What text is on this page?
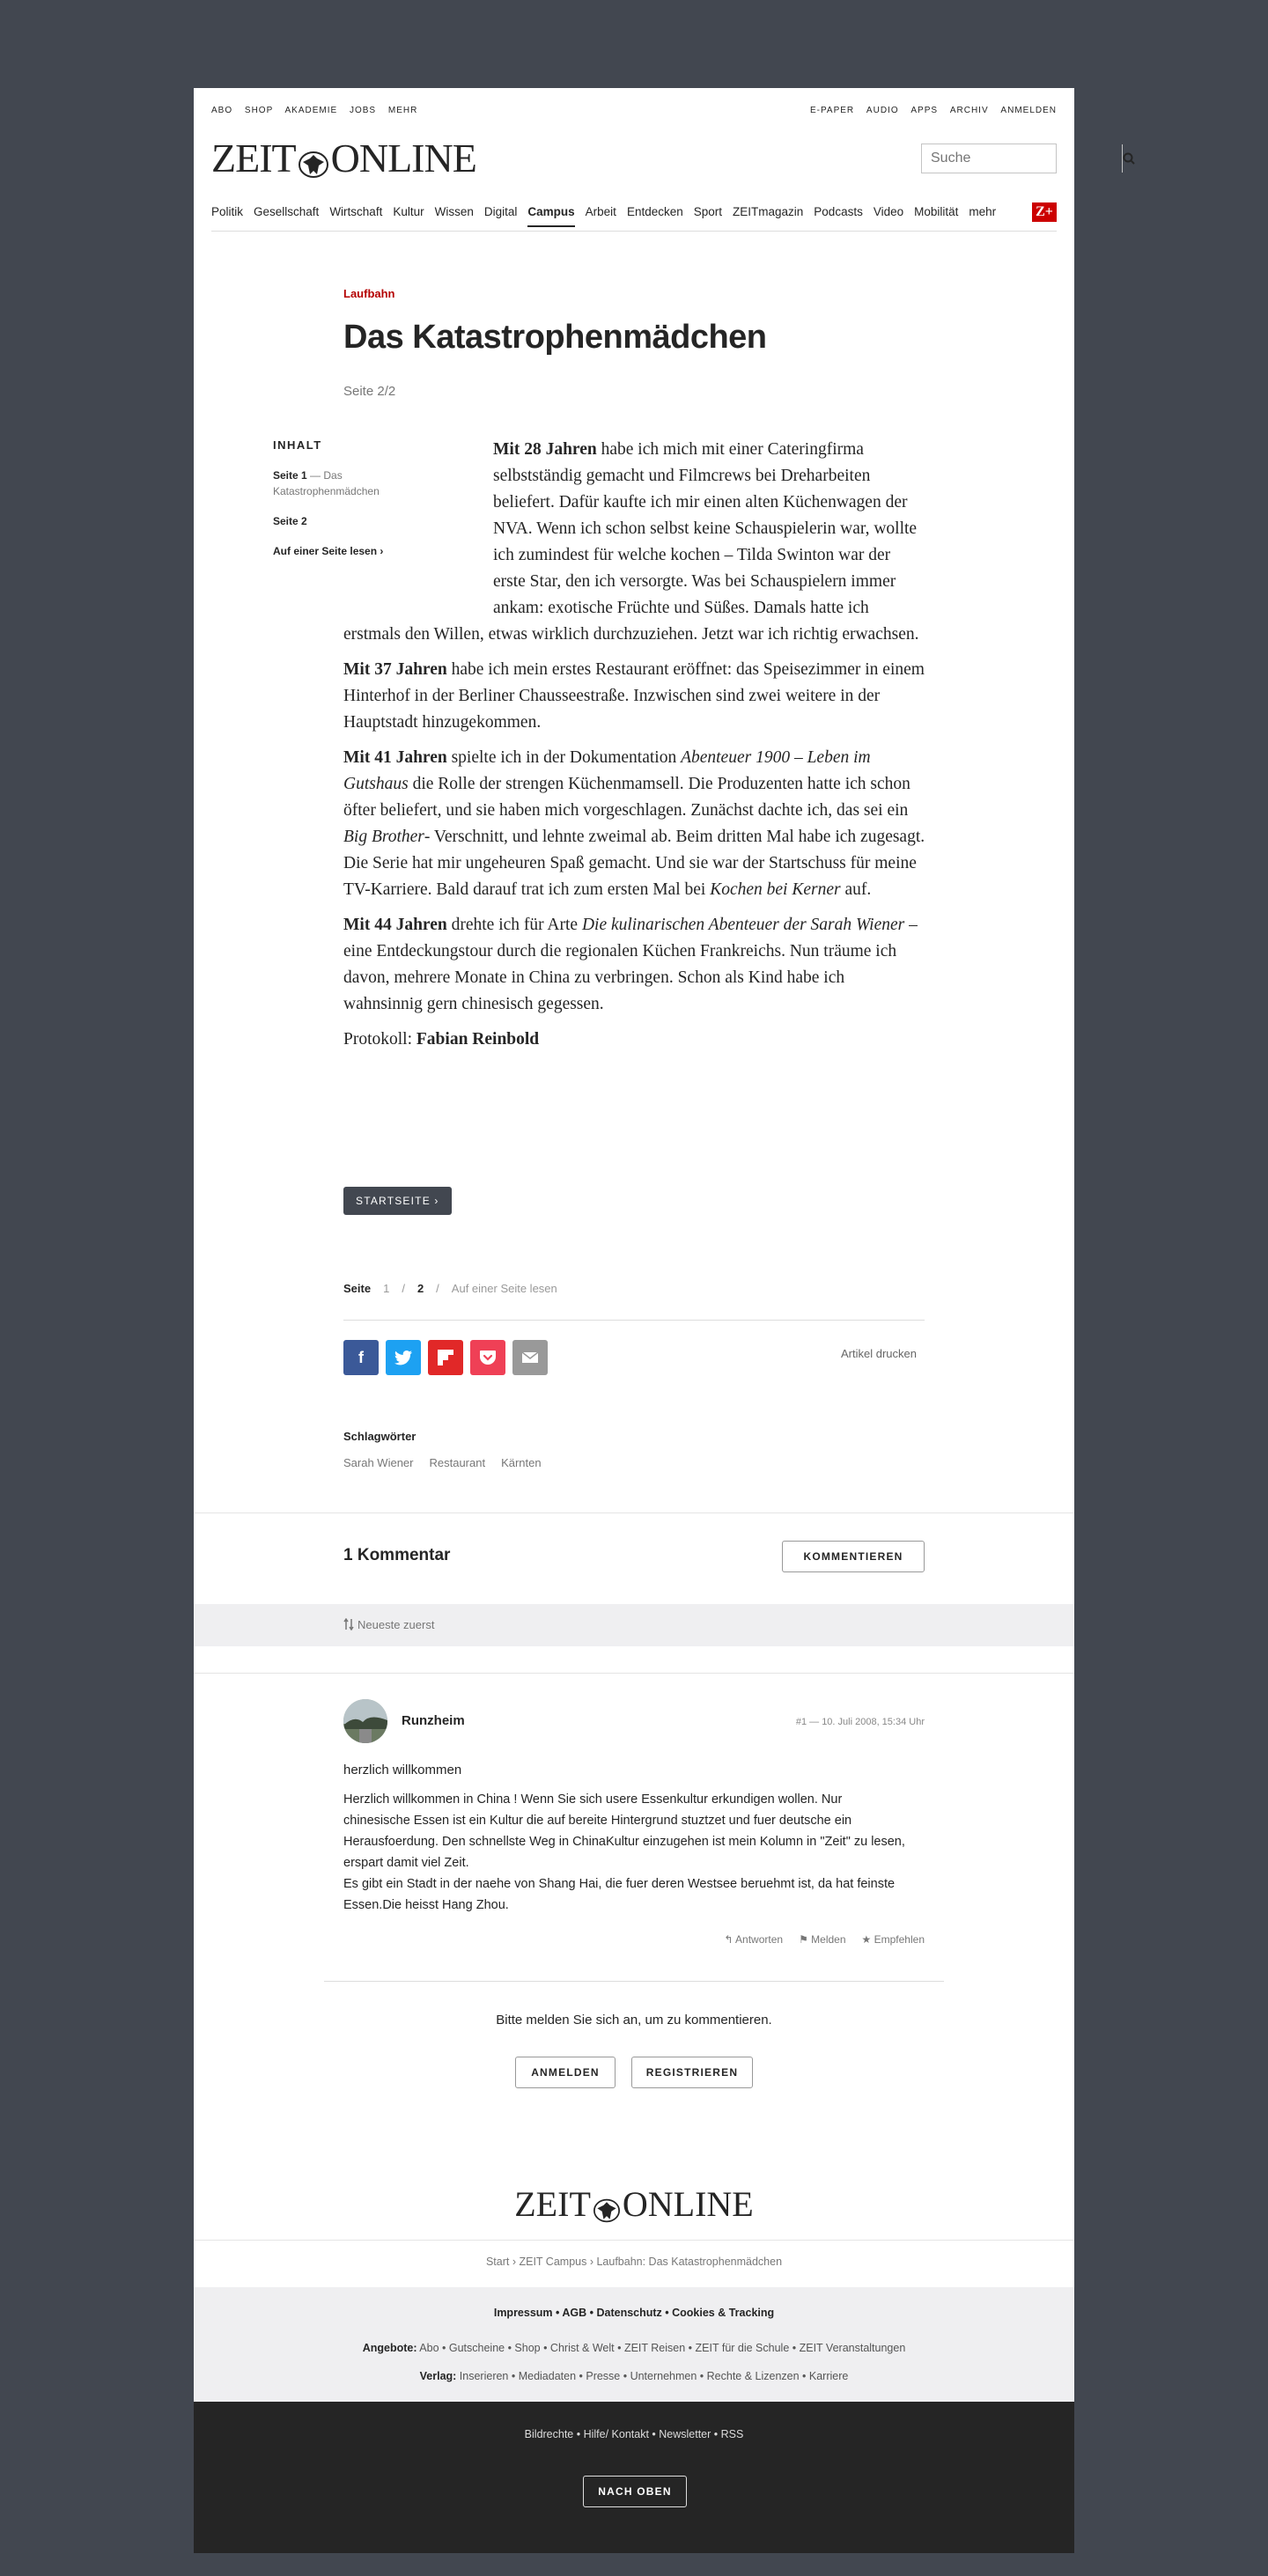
ABO SHOP AKADEMIE JOBS MEHR	E-PAPER AUDIO APPS ARCHIV ANMELDEN
ZEIT ONLINE
Suche
Politik Gesellschaft Wirtschaft Kultur Wissen Digital Campus Arbeit Entdecken Sport ZEITmagazin Podcasts Video Mobilität mehr	Z+
Laufbahn
Das Katastrophenmädchen
Seite 2/2
INHALT
Seite 1 — Das Katastrophenmädchen
Seite 2
Auf einer Seite lesen ›

Mit 28 Jahren habe ich mich mit einer Cateringfirma selbstständig gemacht und Filmcrews bei Dreharbeiten beliefert. Dafür kaufte ich mir einen alten Küchenwagen der NVA. Wenn ich schon selbst keine Schauspielerin war, wollte ich zumindest für welche kochen – Tilda Swinton war der erste Star, den ich versorgte. Was bei Schauspielern immer ankam: exotische Früchte und Süßes. Damals hatte ich erstmals den Willen, etwas wirklich durchzuziehen. Jetzt war ich richtig erwachsen.

Mit 37 Jahren habe ich mein erstes Restaurant eröffnet: das Speisezimmer in einem Hinterhof in der Berliner Chausseestraße. Inzwischen sind zwei weitere in der Hauptstadt hinzugekommen.

Mit 41 Jahren spielte ich in der Dokumentation Abenteuer 1900 – Leben im Gutshaus die Rolle der strengen Küchenmamsell. Die Produzenten hatte ich schon öfter beliefert, und sie haben mich vorgeschlagen. Zunächst dachte ich, das sei ein Big Brother- Verschnitt, und lehnte zweimal ab. Beim dritten Mal habe ich zugesagt. Die Serie hat mir ungeheuren Spaß gemacht. Und sie war der Startschuss für meine TV-Karriere. Bald darauf trat ich zum ersten Mal bei Kochen bei Kerner auf.

Mit 44 Jahren drehte ich für Arte Die kulinarischen Abenteuer der Sarah Wiener – eine Entdeckungstour durch die regionalen Küchen Frankreichs. Nun träume ich davon, mehrere Monate in China zu verbringen. Schon als Kind habe ich wahnsinnig gern chinesisch gegessen.

Protokoll: Fabian Reinbold

STARTSEITE ›
Seite 1 / 2 / Auf einer Seite lesen
f	Artikel drucken
Schlagwörter
Sarah Wiener Restaurant Kärnten
1 Kommentar	KOMMENTIEREN
Neueste zuerst
Runzheim	#1 — 10. Juli 2008, 15:34 Uhr
herzlich willkommen
Herzlich willkommen in China ! Wenn Sie sich usere Essenkultur erkundigen wollen. Nur chinesische Essen ist ein Kultur die auf bereite Hintergrund stuztzet und fuer deutsche ein Herausfoerdung. Den schnellste Weg in ChinaKultur einzugehen ist mein Kolumn in "Zeit" zu lesen, erspart damit viel Zeit.
Es gibt ein Stadt in der naehe von Shang Hai, die fuer deren Westsee beruehmt ist, da hat feinste Essen.Die heisst Hang Zhou.
↰ Antworten ⚑ Melden ★ Empfehlen
Bitte melden Sie sich an, um zu kommentieren.
ANMELDEN	REGISTRIEREN
ZEIT ONLINE
Start › ZEIT Campus › Laufbahn: Das Katastrophenmädchen
Impressum • AGB • Datenschutz • Cookies & Tracking
Angebote: Abo • Gutscheine • Shop • Christ & Welt • ZEIT Reisen • ZEIT für die Schule • ZEIT Veranstaltungen
Verlag: Inserieren • Mediadaten • Presse • Unternehmen • Rechte & Lizenzen • Karriere
Bildrechte • Hilfe/ Kontakt • Newsletter • RSS
NACH OBEN
